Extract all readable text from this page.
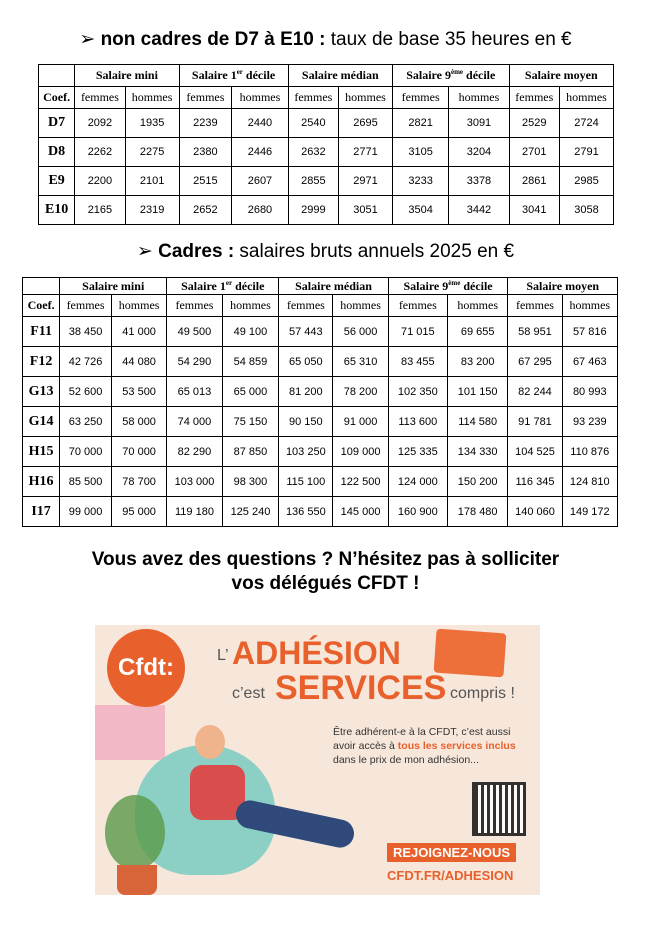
➢ non cadres de D7 à E10 : taux de base 35 heures en €
	Salaire mini		Salaire 1er décile		Salaire médian		Salaire 9ème décile		Salaire moyen	
Coef.	femmes	hommes	femmes	hommes	femmes	hommes	femmes	hommes	femmes	hommes
D7	2092	1935	2239	2440	2540	2695	2821	3091	2529	2724
D8	2262	2275	2380	2446	2632	2771	3105	3204	2701	2791
E9	2200	2101	2515	2607	2855	2971	3233	3378	2861	2985
E10	2165	2319	2652	2680	2999	3051	3504	3442	3041	3058
➢ Cadres : salaires bruts annuels 2025 en €
	Salaire mini		Salaire 1er décile		Salaire médian		Salaire 9ème décile		Salaire moyen	
Coef.	femmes	hommes	femmes	hommes	femmes	hommes	femmes	hommes	femmes	hommes
F11	38 450	41 000	49 500	49 100	57 443	56 000	71 015	69 655	58 951	57 816
F12	42 726	44 080	54 290	54 859	65 050	65 310	83 455	83 200	67 295	67 463
G13	52 600	53 500	65 013	65 000	81 200	78 200	102 350	101 150	82 244	80 993
G14	63 250	58 000	74 000	75 150	90 150	91 000	113 600	114 580	91 781	93 239
H15	70 000	70 000	82 290	87 850	103 250	109 000	125 335	134 330	104 525	110 876
H16	85 500	78 700	103 000	98 300	115 100	122 500	124 000	150 200	116 345	124 810
I17	99 000	95 000	119 180	125 240	136 550	145 000	160 900	178 480	140 060	149 172
Vous avez des questions ? N’hésitez pas à solliciter
vos délégués CFDT !
Cfdt:	L’ ADHÉSION
c’est SERVICES compris !
Être adhérent-e à la CFDT, c’est aussi
avoir accès à tous les services inclus
dans le prix de mon adhésion...
REJOIGNEZ-NOUS
CFDT.FR/ADHESION
